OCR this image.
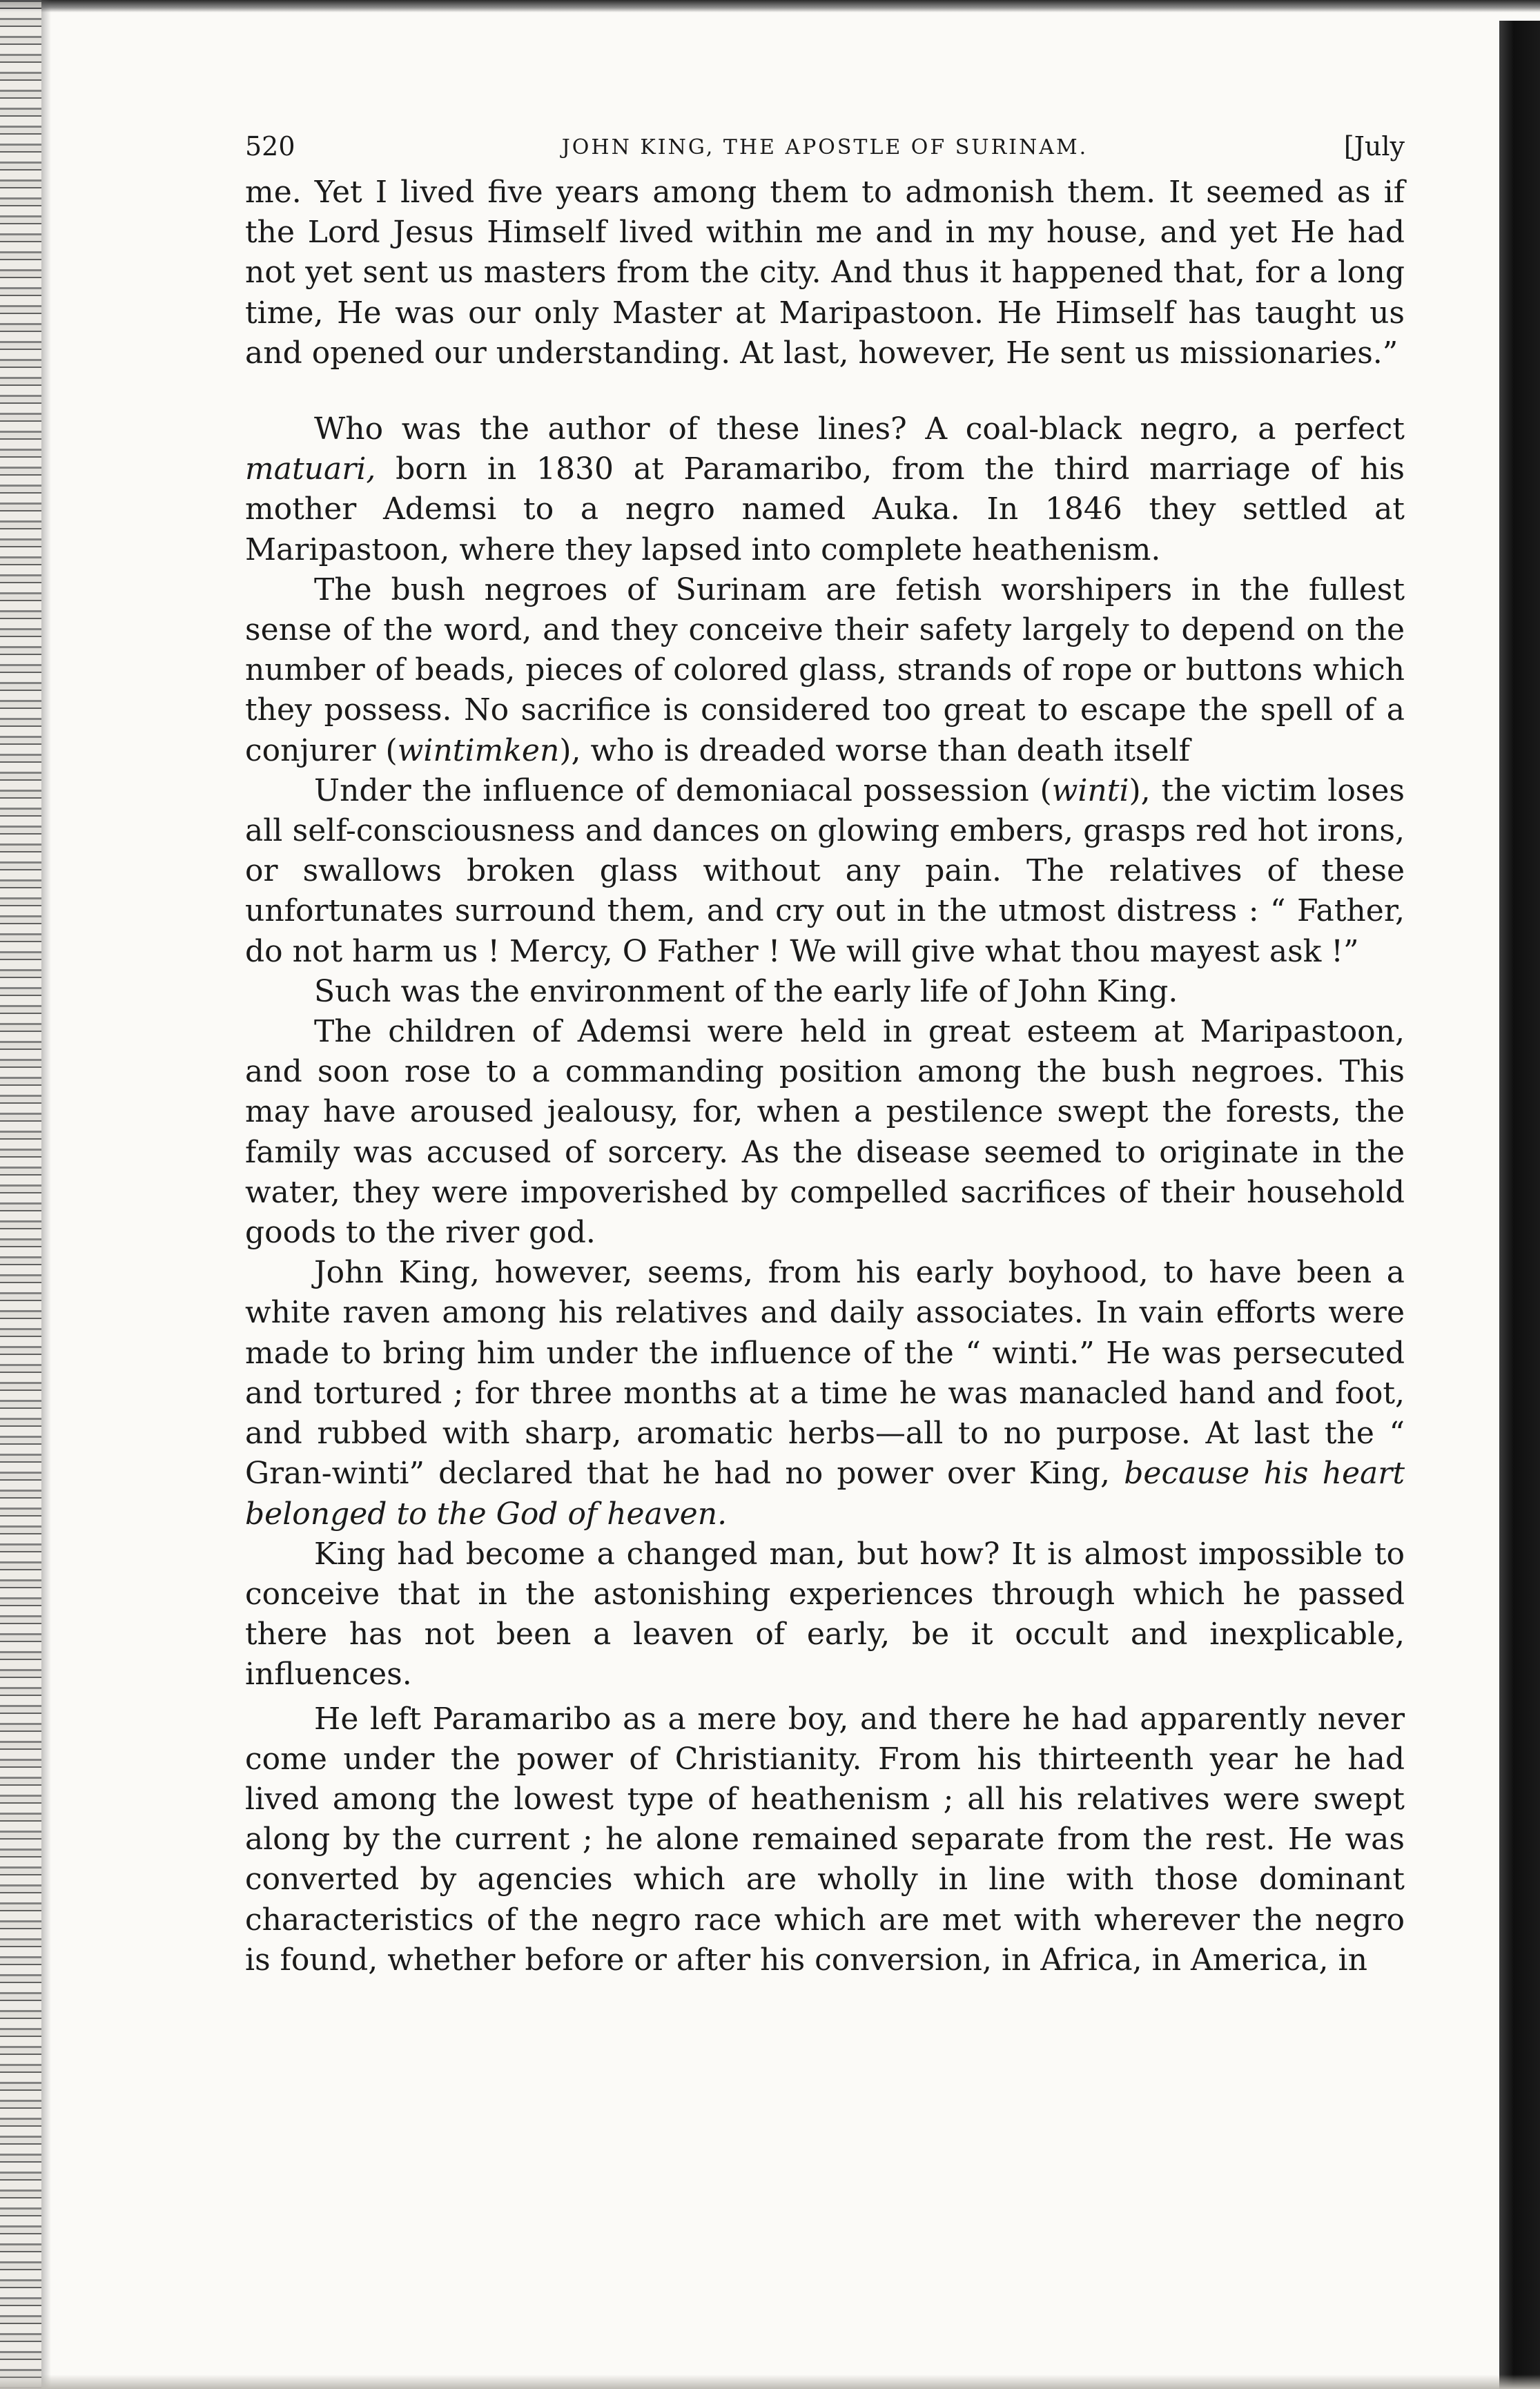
520	JOHN KING, THE APOSTLE OF SURINAM.	[July

me. Yet I lived five years among them to admonish them. It seemed as if the Lord Jesus Himself lived within me and in my house, and yet He had not yet sent us masters from the city. And thus it happened that, for a long time, He was our only Master at Maripastoon. He Himself has taught us and opened our understanding. At last, however, He sent us missionaries.”

Who was the author of these lines? A coal-black negro, a perfect matuari, born in 1830 at Paramaribo, from the third marriage of his mother Ademsi to a negro named Auka. In 1846 they settled at Maripastoon, where they lapsed into complete heathenism.

The bush negroes of Surinam are fetish worshipers in the fullest sense of the word, and they conceive their safety largely to depend on the number of beads, pieces of colored glass, strands of rope or buttons which they possess. No sacrifice is considered too great to escape the spell of a conjurer (wintimken), who is dreaded worse than death itself

Under the influence of demoniacal possession (winti), the victim loses all self-consciousness and dances on glowing embers, grasps red hot irons, or swallows broken glass without any pain. The relatives of these unfortunates surround them, and cry out in the utmost distress : “ Father, do not harm us ! Mercy, O Father ! We will give what thou mayest ask !”

Such was the environment of the early life of John King.

The children of Ademsi were held in great esteem at Maripastoon, and soon rose to a commanding position among the bush negroes. This may have aroused jealousy, for, when a pestilence swept the forests, the family was accused of sorcery. As the disease seemed to originate in the water, they were impoverished by compelled sacrifices of their household goods to the river god.

John King, however, seems, from his early boyhood, to have been a white raven among his relatives and daily associates. In vain efforts were made to bring him under the influence of the “ winti.” He was persecuted and tortured ; for three months at a time he was manacled hand and foot, and rubbed with sharp, aromatic herbs—all to no purpose. At last the “ Gran-winti” declared that he had no power over King, because his heart belonged to the God of heaven.

King had become a changed man, but how? It is almost impossible to conceive that in the astonishing experiences through which he passed there has not been a leaven of early, be it occult and inexplicable, influences.

He left Paramaribo as a mere boy, and there he had apparently never come under the power of Christianity. From his thirteenth year he had lived among the lowest type of heathenism ; all his relatives were swept along by the current ; he alone remained separate from the rest. He was converted by agencies which are wholly in line with those dominant characteristics of the negro race which are met with wherever the negro is found, whether before or after his conversion, in Africa, in America, in
